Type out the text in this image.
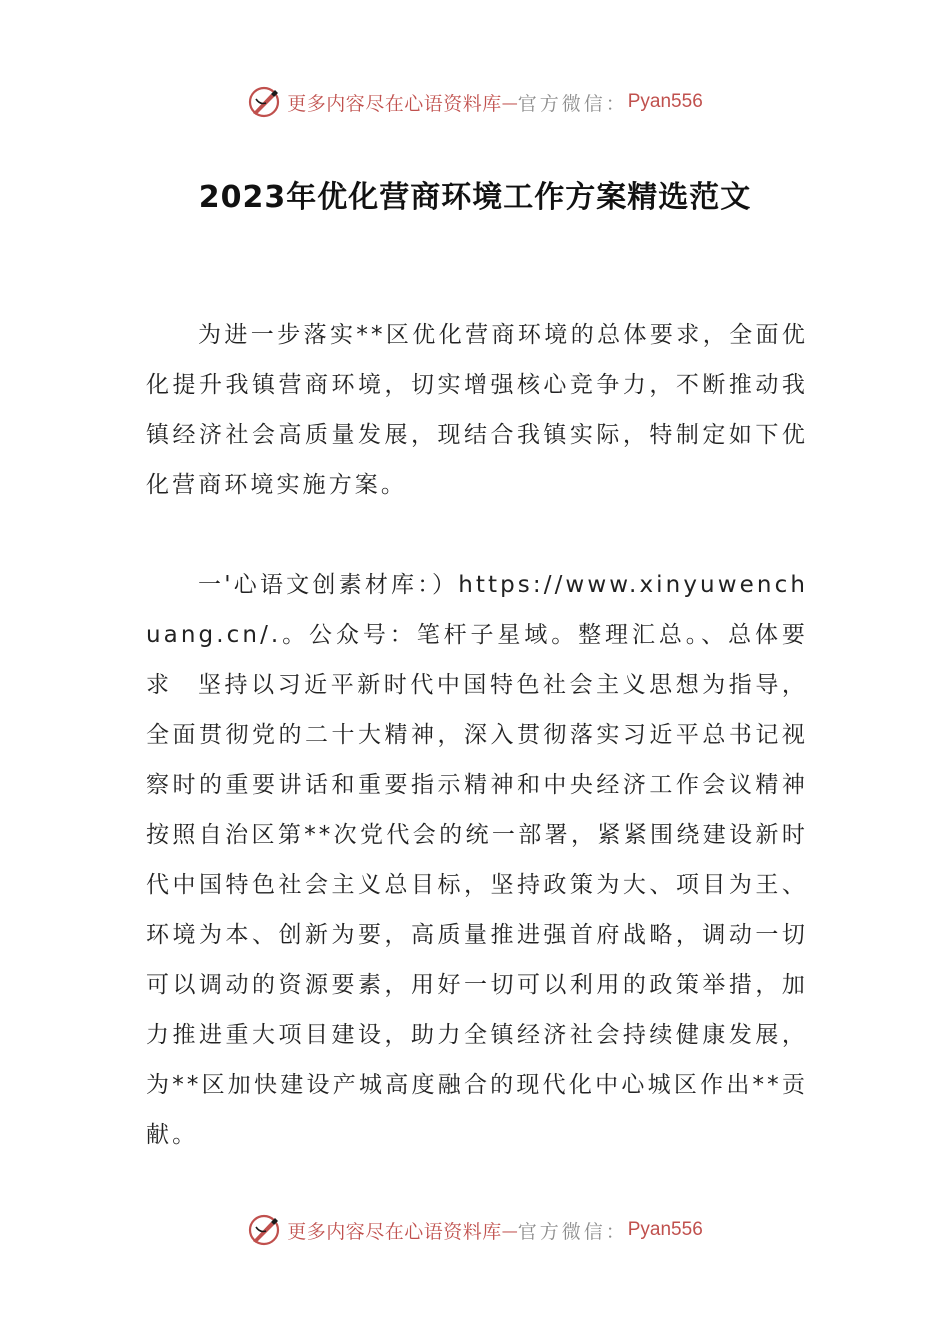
更多内容尽在心语资料库 — 官方微信： Pyan556
2023年优化营商环境工作方案精选范文

为进一步落实**区优化营商环境的总体要求，全面优化提升我镇营商环境，切实增强核心竞争力，不断推动我镇经济社会高质量发展，现结合我镇实际，特制定如下优化营商环境实施方案。

一'心语文创素材库：）https://www.xinyuwenchuang.cn/.。公众号：笔杆子星域。整理汇总。、总体要求	坚持以习近平新时代中国特色社会主义思想为指导，全面贯彻党的二十大精神，深入贯彻落实习近平总书记视察时的重要讲话和重要指示精神和中央经济工作会议精神按照自治区第**次党代会的统一部署，紧紧围绕建设新时代中国特色社会主义总目标，坚持政策为大、项目为王、环境为本、创新为要，高质量推进强首府战略，调动一切可以调动的资源要素，用好一切可以利用的政策举措，加力推进重大项目建设，助力全镇经济社会持续健康发展，为**区加快建设产城高度融合的现代化中心城区作出**贡献。

更多内容尽在心语资料库 — 官方微信： Pyan556
